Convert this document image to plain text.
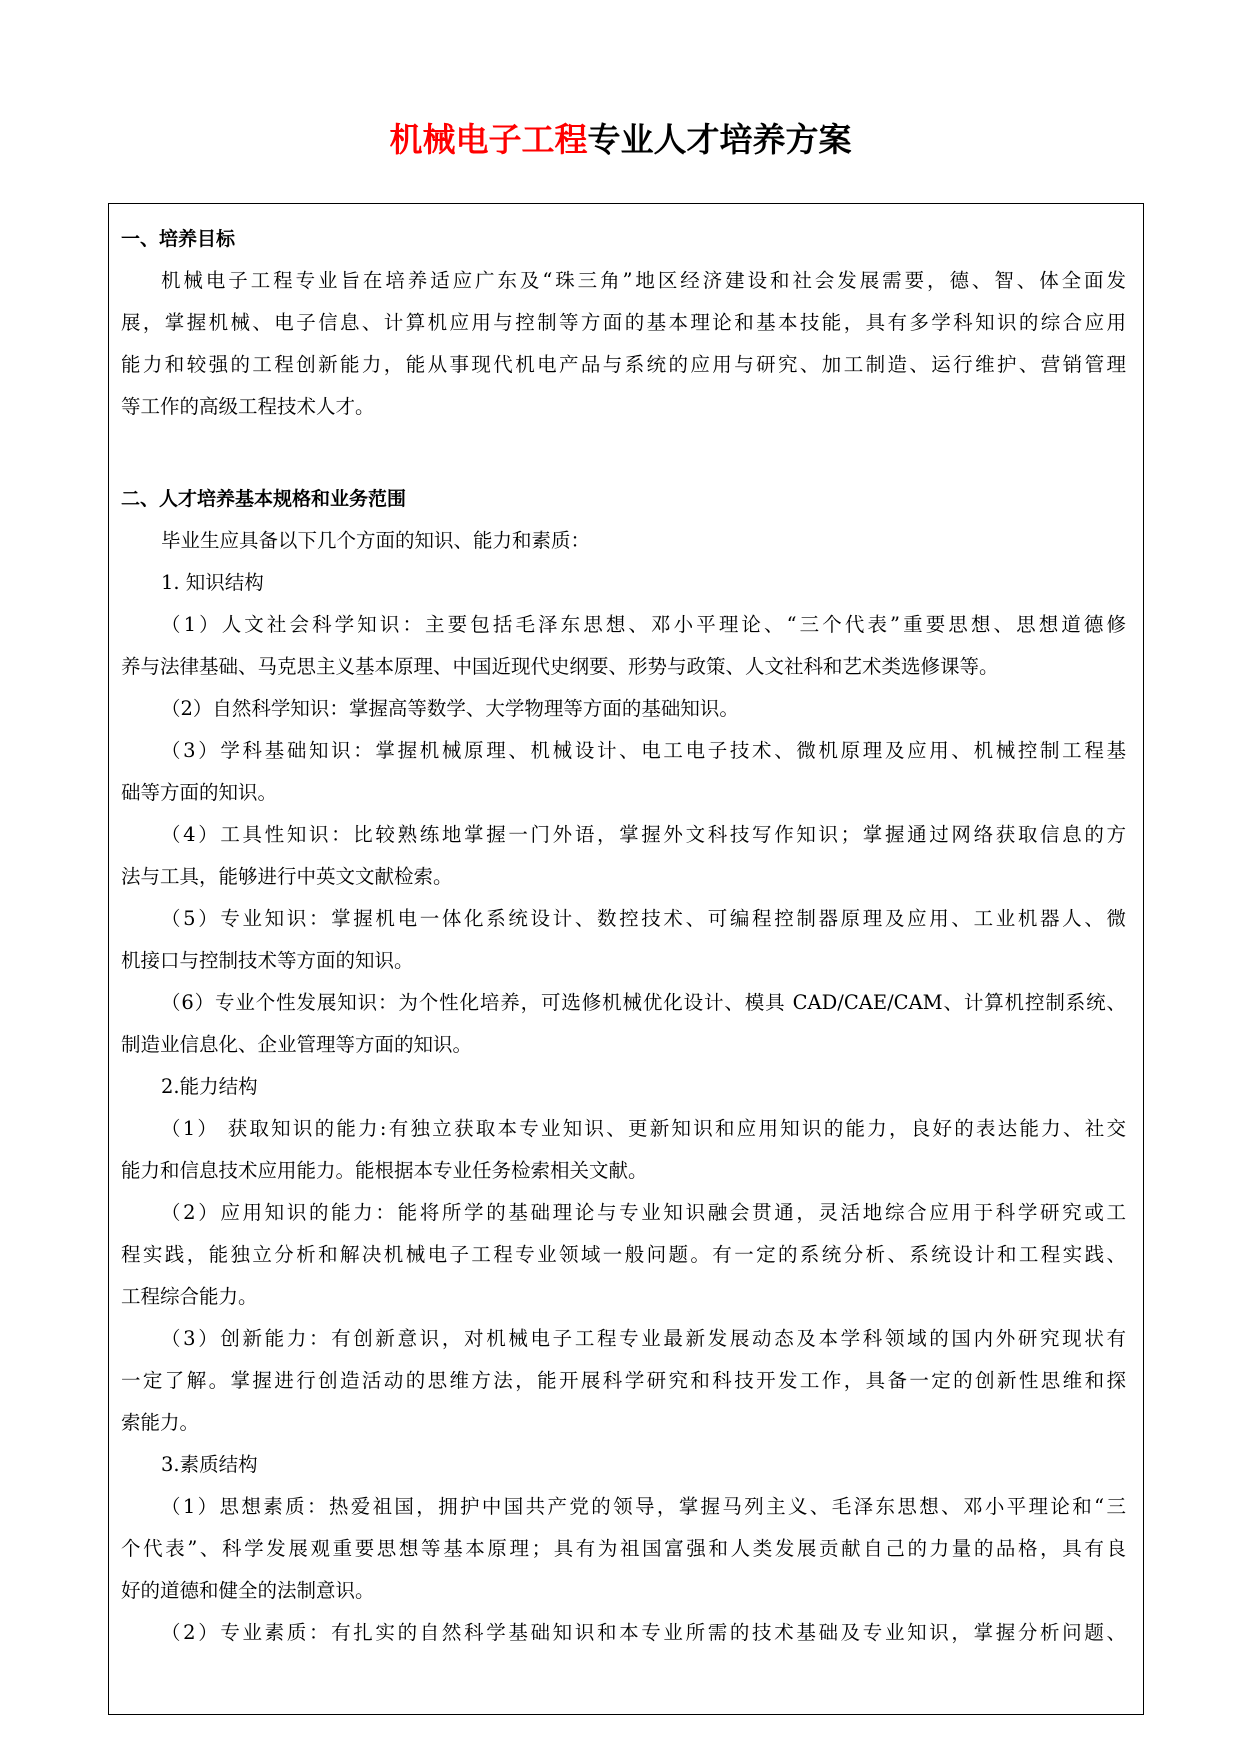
机械电子工程专业人才培养方案
一、培养目标
机械电子工程专业旨在培养适应广东及“珠三角”地区经济建设和社会发展需要，德、智、体全面发
展，掌握机械、电子信息、计算机应用与控制等方面的基本理论和基本技能，具有多学科知识的综合应用
能力和较强的工程创新能力，能从事现代机电产品与系统的应用与研究、加工制造、运行维护、营销管理
等工作的高级工程技术人才。
二、人才培养基本规格和业务范围
毕业生应具备以下几个方面的知识、能力和素质：
1. 知识结构
（1）人文社会科学知识：主要包括毛泽东思想、邓小平理论、“三个代表”重要思想、思想道德修
养与法律基础、马克思主义基本原理、中国近现代史纲要、形势与政策、人文社科和艺术类选修课等。
（2）自然科学知识：掌握高等数学、大学物理等方面的基础知识。
（3）学科基础知识：掌握机械原理、机械设计、电工电子技术、微机原理及应用、机械控制工程基
础等方面的知识。
（4）工具性知识：比较熟练地掌握一门外语，掌握外文科技写作知识；掌握通过网络获取信息的方
法与工具，能够进行中英文文献检索。
（5）专业知识：掌握机电一体化系统设计、数控技术、可编程控制器原理及应用、工业机器人、微
机接口与控制技术等方面的知识。
（6）专业个性发展知识：为个性化培养，可选修机械优化设计、模具 CAD/CAE/CAM、计算机控制系统、
制造业信息化、企业管理等方面的知识。
2.能力结构
（1） 获取知识的能力:有独立获取本专业知识、更新知识和应用知识的能力，良好的表达能力、社交
能力和信息技术应用能力。能根据本专业任务检索相关文献。
（2）应用知识的能力：能将所学的基础理论与专业知识融会贯通，灵活地综合应用于科学研究或工
程实践，能独立分析和解决机械电子工程专业领域一般问题。有一定的系统分析、系统设计和工程实践、
工程综合能力。
（3）创新能力：有创新意识，对机械电子工程专业最新发展动态及本学科领域的国内外研究现状有
一定了解。掌握进行创造活动的思维方法，能开展科学研究和科技开发工作，具备一定的创新性思维和探
索能力。
3.素质结构
（1）思想素质：热爱祖国，拥护中国共产党的领导，掌握马列主义、毛泽东思想、邓小平理论和“三
个代表”、科学发展观重要思想等基本原理；具有为祖国富强和人类发展贡献自己的力量的品格，具有良
好的道德和健全的法制意识。
（2）专业素质：有扎实的自然科学基础知识和本专业所需的技术基础及专业知识，掌握分析问题、
